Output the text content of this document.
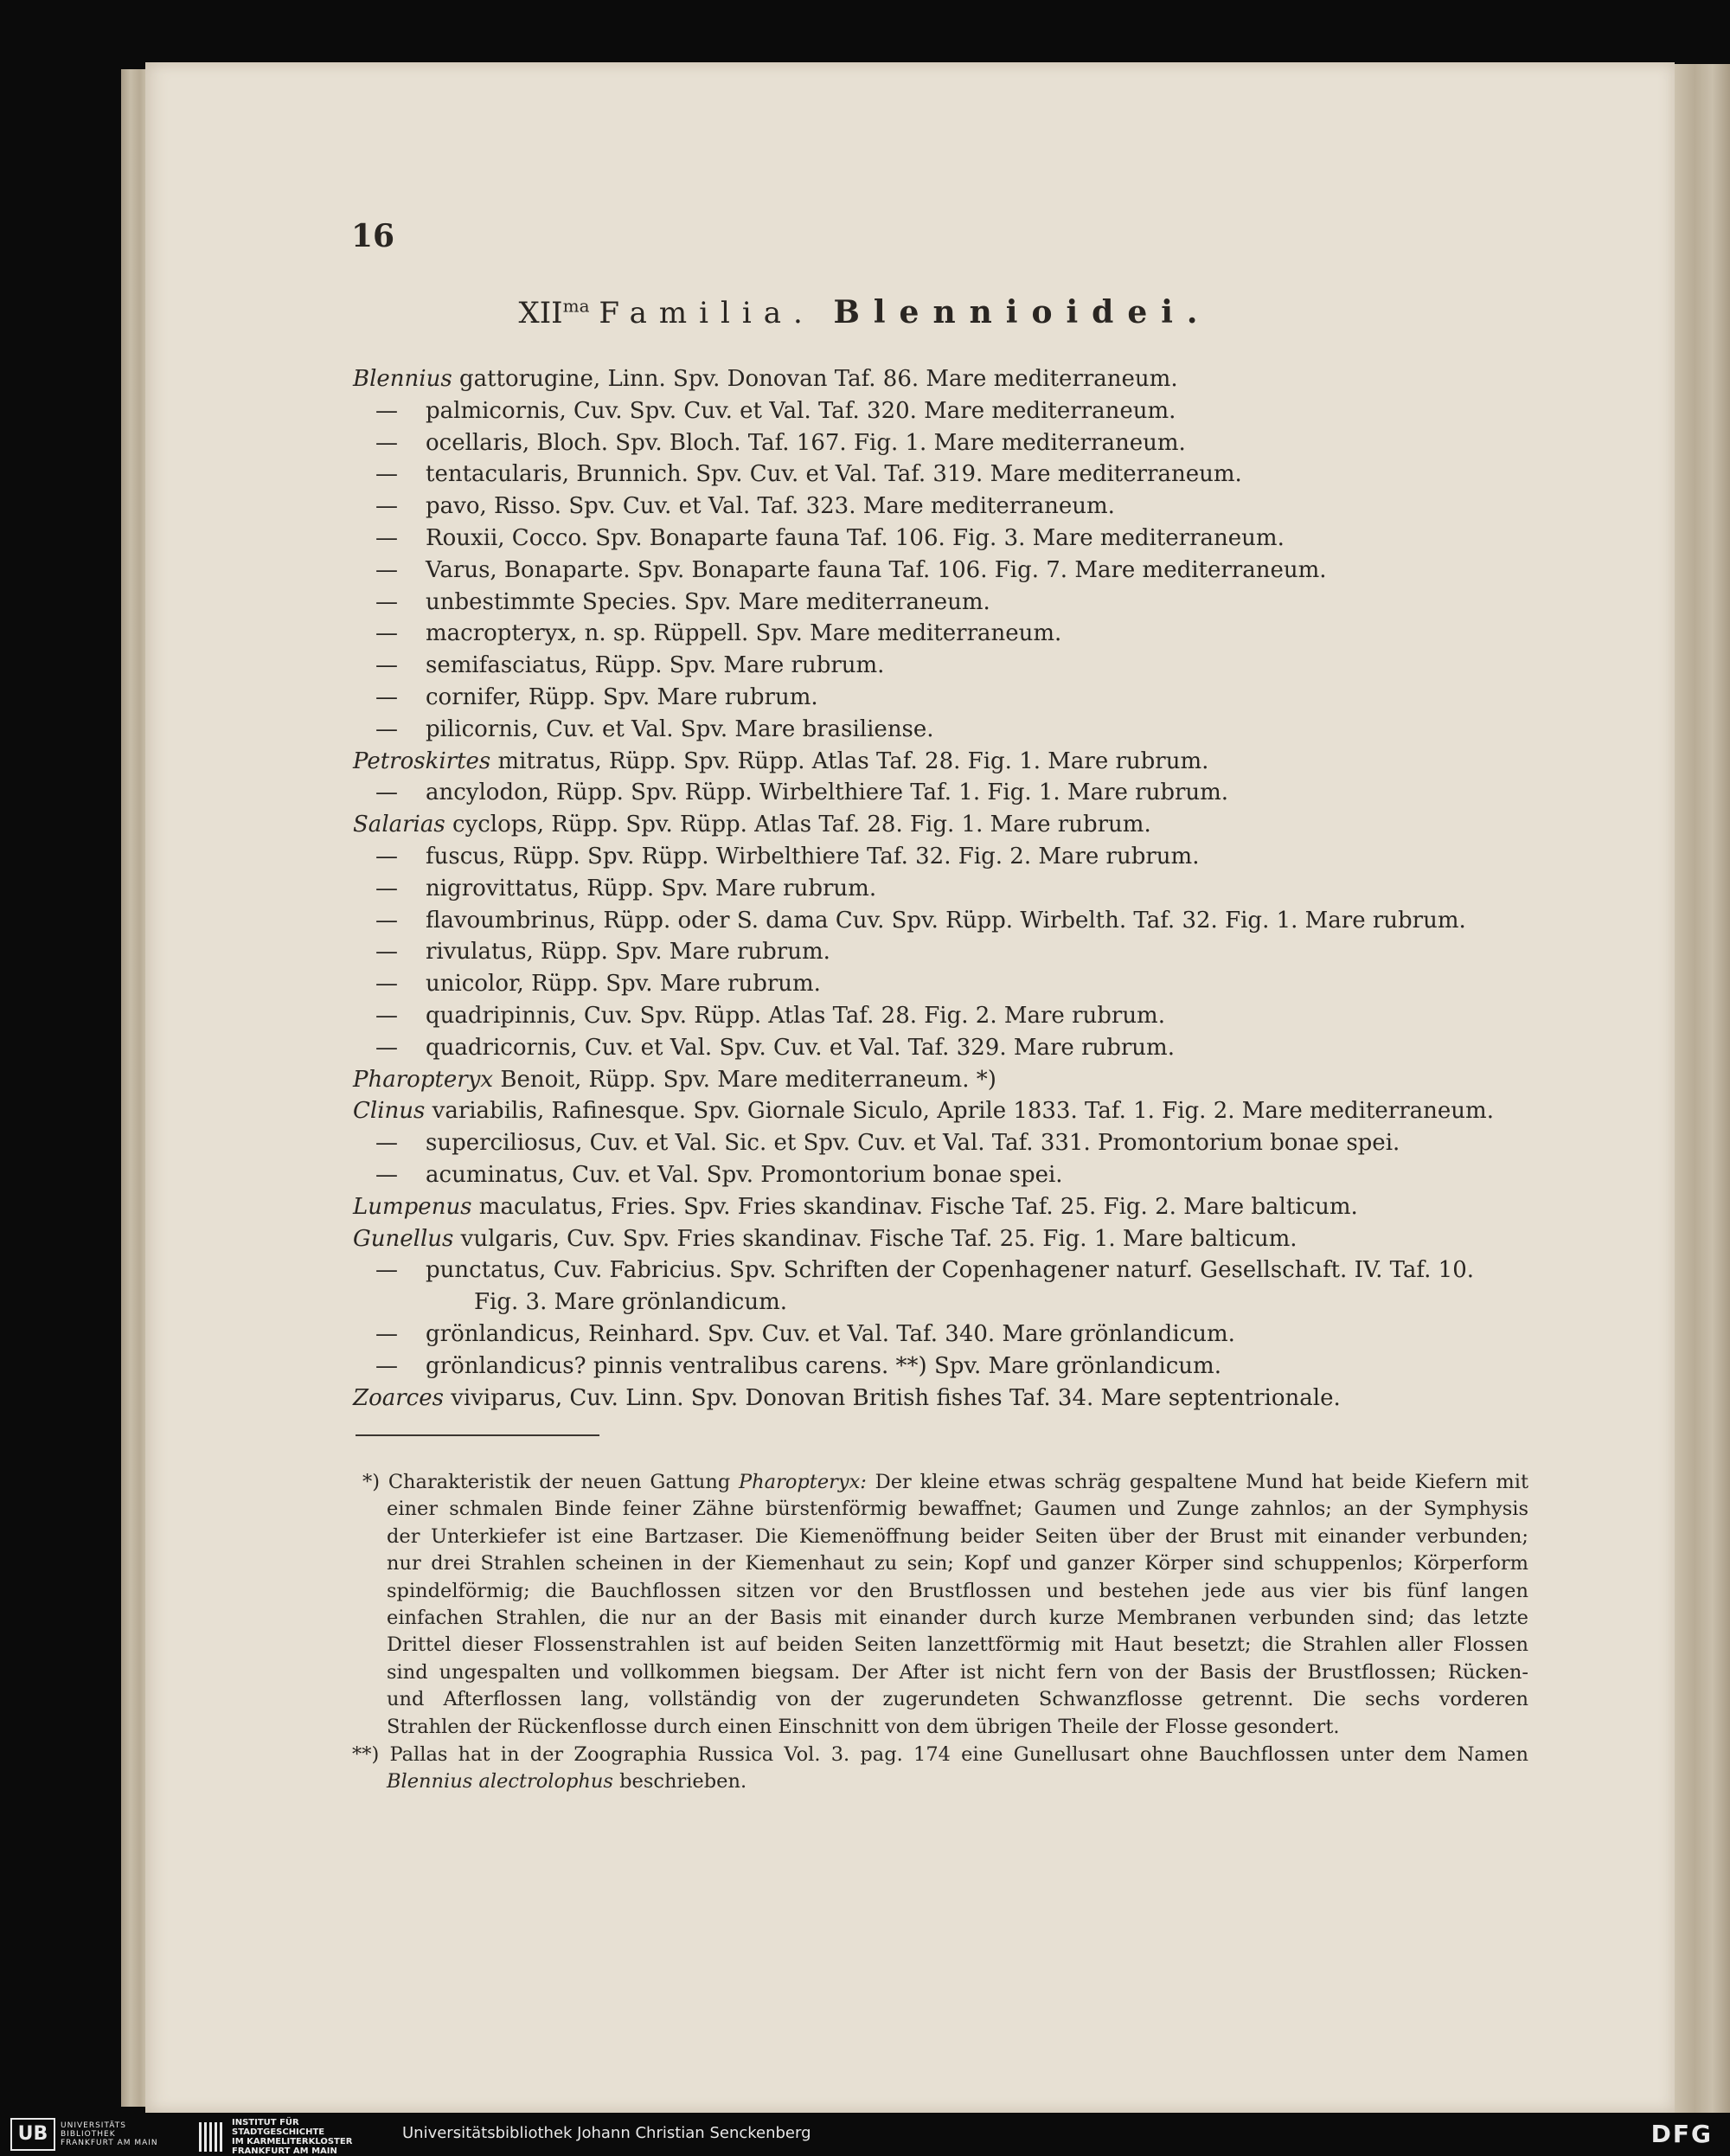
16
$XII^{ma}$ Familia. Blennioidei.
Blennius gattorugine, Linn. Spv. Donovan Taf. 86. Mare mediterraneum.
— palmicornis, Cuv. Spv. Cuv. et Val. Taf. 320. Mare mediterraneum.
— ocellaris, Bloch. Spv. Bloch. Taf. 167. Fig. 1. Mare mediterraneum.
— tentacularis, Brunnich. Spv. Cuv. et Val. Taf. 319. Mare mediterraneum.
— pavo, Risso. Spv. Cuv. et Val. Taf. 323. Mare mediterraneum.
— Rouxii, Cocco. Spv. Bonaparte fauna Taf. 106. Fig. 3. Mare mediterraneum.
— Varus, Bonaparte. Spv. Bonaparte fauna Taf. 106. Fig. 7. Mare mediterraneum.
— unbestimmte Species. Spv. Mare mediterraneum.
— macropteryx, n. sp. Rüppell. Spv. Mare mediterraneum.
— semifasciatus, Rüpp. Spv. Mare rubrum.
— cornifer, Rüpp. Spv. Mare rubrum.
— pilicornis, Cuv. et Val. Spv. Mare brasiliense.
Petroskirtes mitratus, Rüpp. Spv. Rüpp. Atlas Taf. 28. Fig. 1. Mare rubrum.
— ancylodon, Rüpp. Spv. Rüpp. Wirbelthiere Taf. 1. Fig. 1. Mare rubrum.
Salarias cyclops, Rüpp. Spv. Rüpp. Atlas Taf. 28. Fig. 1. Mare rubrum.
— fuscus, Rüpp. Spv. Rüpp. Wirbelthiere Taf. 32. Fig. 2. Mare rubrum.
— nigrovittatus, Rüpp. Spv. Mare rubrum.
— flavoumbrinus, Rüpp. oder S. dama Cuv. Spv. Rüpp. Wirbelth. Taf. 32. Fig. 1. Mare rubrum.
— rivulatus, Rüpp. Spv. Mare rubrum.
— unicolor, Rüpp. Spv. Mare rubrum.
— quadripinnis, Cuv. Spv. Rüpp. Atlas Taf. 28. Fig. 2. Mare rubrum.
— quadricornis, Cuv. et Val. Spv. Cuv. et Val. Taf. 329. Mare rubrum.
Pharopteryx Benoit, Rüpp. Spv. Mare mediterraneum. *)
Clinus variabilis, Rafinesque. Spv. Giornale Siculo, Aprile 1833. Taf. 1. Fig. 2. Mare mediterraneum.
— superciliosus, Cuv. et Val. Sic. et Spv. Cuv. et Val. Taf. 331. Promontorium bonae spei.
— acuminatus, Cuv. et Val. Spv. Promontorium bonae spei.
Lumpenus maculatus, Fries. Spv. Fries skandinav. Fische Taf. 25. Fig. 2. Mare balticum.
Gunellus vulgaris, Cuv. Spv. Fries skandinav. Fische Taf. 25. Fig. 1. Mare balticum.
— punctatus, Cuv. Fabricius. Spv. Schriften der Copenhagener naturf. Gesellschaft. IV. Taf. 10.
Fig. 3. Mare grönlandicum.
— grönlandicus, Reinhard. Spv. Cuv. et Val. Taf. 340. Mare grönlandicum.
— grönlandicus? pinnis ventralibus carens. **) Spv. Mare grönlandicum.
Zoarces viviparus, Cuv. Linn. Spv. Donovan British fishes Taf. 34. Mare septentrionale.
*) Charakteristik der neuen Gattung Pharopteryx: Der kleine etwas schräg gespaltene Mund hat beide Kiefern mit
einer schmalen Binde feiner Zähne bürstenförmig bewaffnet; Gaumen und Zunge zahnlos; an der Symphysis
der Unterkiefer ist eine Bartzaser. Die Kiemenöffnung beider Seiten über der Brust mit einander verbunden;
nur drei Strahlen scheinen in der Kiemenhaut zu sein; Kopf und ganzer Körper sind schuppenlos; Körperform
spindelförmig; die Bauchflossen sitzen vor den Brustflossen und bestehen jede aus vier bis fünf langen
einfachen Strahlen, die nur an der Basis mit einander durch kurze Membranen verbunden sind; das letzte
Drittel dieser Flossenstrahlen ist auf beiden Seiten lanzettförmig mit Haut besetzt; die Strahlen aller Flossen
sind ungespalten und vollkommen biegsam. Der After ist nicht fern von der Basis der Brustflossen; Rücken-
und Afterflossen lang, vollständig von der zugerundeten Schwanzflosse getrennt. Die sechs vorderen
Strahlen der Rückenflosse durch einen Einschnitt von dem übrigen Theile der Flosse gesondert.
**) Pallas hat in der Zoographia Russica Vol. 3. pag. 174 eine Gunellusart ohne Bauchflossen unter dem Namen
Blennius alectrolophus beschrieben.
UB	UNIVERSITÄTS
BIBLIOTHEK
FRANKFURT AM MAIN
INSTITUT FÜR
STADTGESCHICHTE
IM KARMELITERKLOSTER
FRANKFURT AM MAIN
Universitätsbibliothek Johann Christian Senckenberg	DFG
